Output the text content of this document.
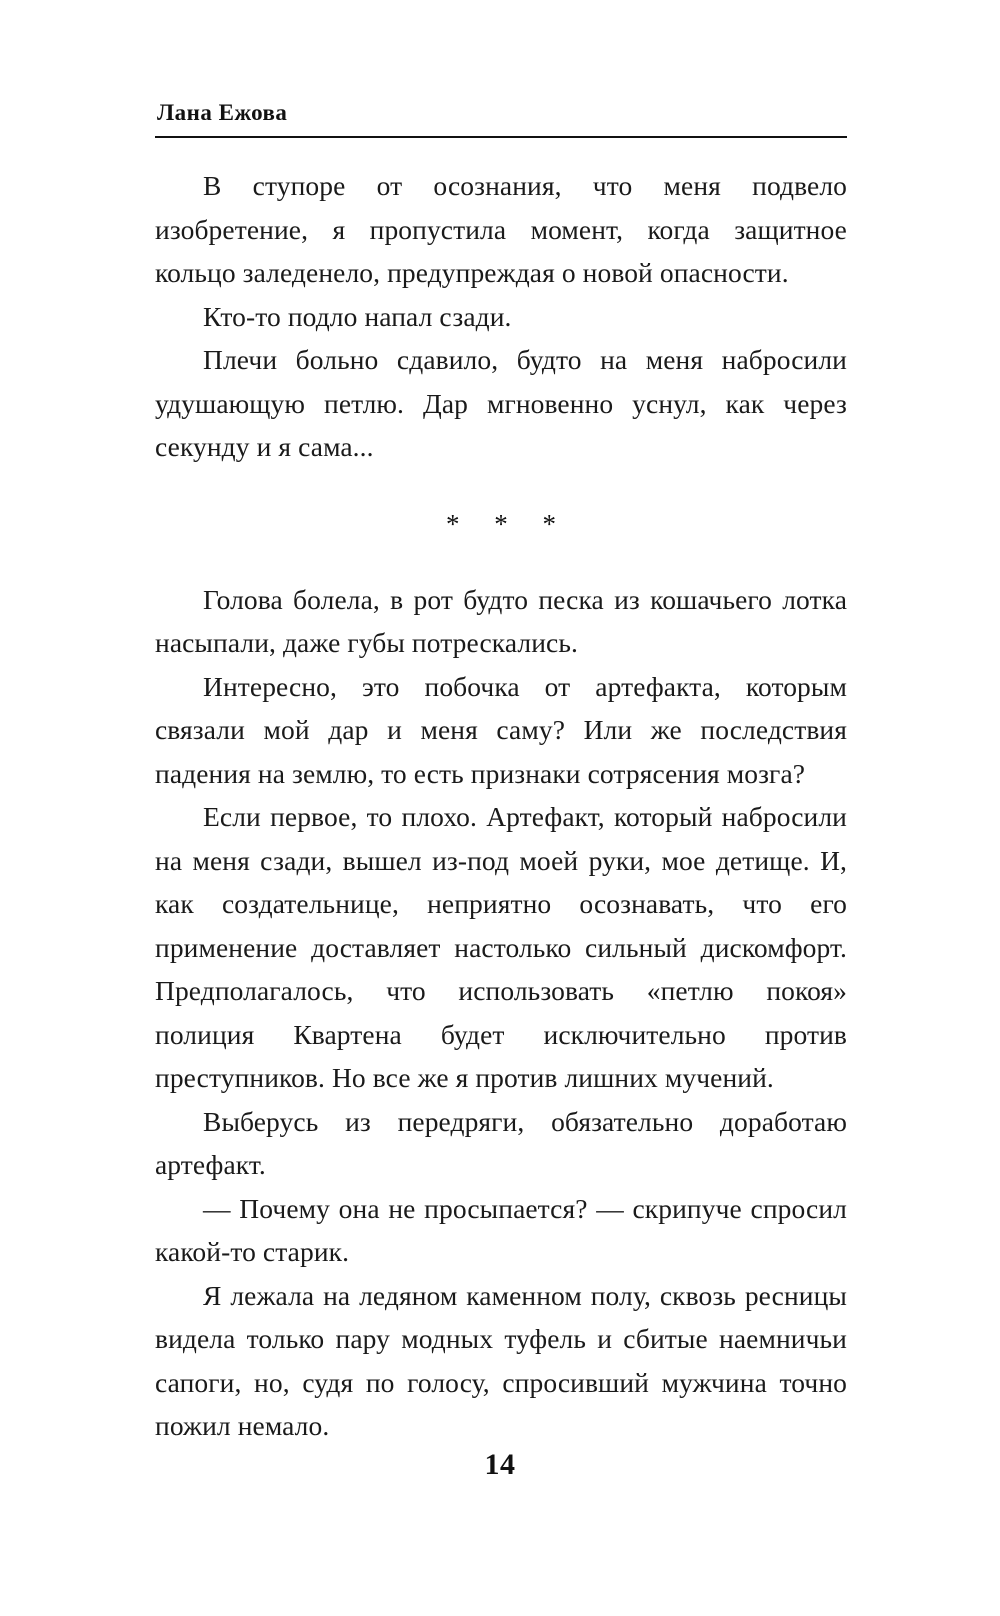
Лана Ежова

В ступоре от осознания, что меня подвело изобретение, я пропустила момент, когда защитное кольцо заледенело, предупреждая о новой опасности.

Кто-то подло напал сзади.

Плечи больно сдавило, будто на меня набросили удушающую петлю. Дар мгновенно уснул, как через секунду и я сама...

* * *

Голова болела, в рот будто песка из кошачьего лотка насыпали, даже губы потрескались.

Интересно, это побочка от артефакта, которым связали мой дар и меня саму? Или же последствия падения на землю, то есть признаки сотрясения мозга?

Если первое, то плохо. Артефакт, который набросили на меня сзади, вышел из-под моей руки, мое детище. И, как создательнице, неприятно осознавать, что его применение доставляет настолько сильный дискомфорт. Предполагалось, что использовать «петлю покоя» полиция Квартена будет исключительно против преступников. Но все же я против лишних мучений.

Выберусь из передряги, обязательно доработаю артефакт.

— Почему она не просыпается? — скрипуче спросил какой-то старик.

Я лежала на ледяном каменном полу, сквозь ресницы видела только пару модных туфель и сбитые наемничьи сапоги, но, судя по голосу, спросивший мужчина точно пожил немало.

14
